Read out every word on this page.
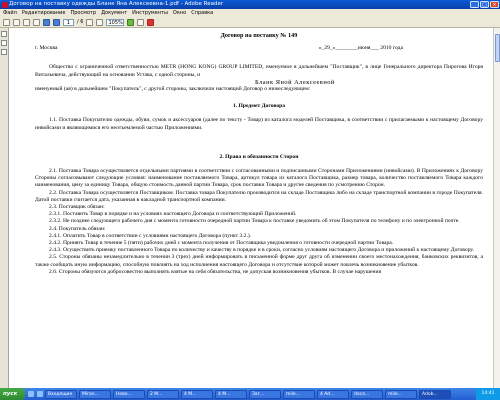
Договор на поставку одежды Бланк Яна Алексеевна-1.pdf - Adobe Reader	_	□	×
Файл Редактирование Просмотр Документ Инструменты Окно Справка
1	/ 6	105%

Договор на поставку № 149

г. Москва	«_29_»________июня___ 2010 года

Общество с ограниченной ответственностью METR (HONG KONG) GROUP LIMITED, именуемое в дальнейшем "Поставщик", в лице Генерального директора Пирогова Игоря Витальевича, действующий на основании Устава, с одной стороны, и

Бланк Яной Алексеевной

именуемый (ая) в дальнейшем "Покупатель", с другой стороны, заключили настоящий Договор о нижеследующем:

1. Предмет Договора

1.1. Поставка Покупателю одежды, обуви, сумок и аксессуаров (далее по тексту - Товар) из каталога моделей Поставщика, в соответствии с прилагаемыми к настоящему Договору инвойсами и являющимися его неотъемлемой частью Приложениями.

2. Права и обязанности Сторон

2.1. Поставка Товара осуществляется отдельными партиями в соответствии с согласованными и подписанными Сторонами Приложениями (инвойсами). В Приложениях к Договору Стороны согласовывают следующие условия: наименование поставляемого Товара, артикул товара из каталога Поставщика, размер товара, количество поставляемого Товара каждого наименования, цену за единицу Товара, общую стоимость данной партии Товара, срок поставки Товара и другие сведения по усмотрению Сторон.

2.2. Поставка Товара осуществляется Поставщиком. Поставка товара Покупателю производится на складе Поставщика либо на складе транспортной компании в городе Покупателя. Датой поставки считается дата, указанная в накладной транспортной компании.

2.3. Поставщик обязан:

2.3.1. Поставить Товар в порядке и на условиях настоящего Договора и соответствующий Приложений.

2.3.2. Не позднее следующего рабочего дня с момента готовности очередной партии Товара к поставке уведомить об этом Покупателя по телефону и по электронной почте.

2.4. Покупатель обязан:

2.4.1. Оплатить Товар в соответствии с условиями настоящего Договора (пункт 3.2.).

2.4.2. Принять Товар в течение 5 (пяти) рабочих дней с момента получения от Поставщика уведомления о готовности очередной партии Товара.

2.4.3. Осуществить приемку поставленного Товара по количеству и качеству в порядке и в сроки, согласно условиям настоящего Договора и приложений к настоящему Договору.

2.5. Стороны обязаны незамедлительно в течении 3 (трех) дней информировать в письменной форме друг друга об изменении своего местонахождения, банковских реквизитов, а также сообщать иную информацию, способную повлиять на ход исполнения настоящего Договора и отсутствие которой может повлечь возникновение убытков.

2.6. Стороны обязуются добросовестно выполнять взятые на себя обязательства, не допуская возникновения убытков. В случае нарушения

пуск	Входящие	Miran...	Ново...	2 M...	4 M...	4 M...	Заг...	mile...	4 Ad...	doca...	mile...	Adob...	14:41
